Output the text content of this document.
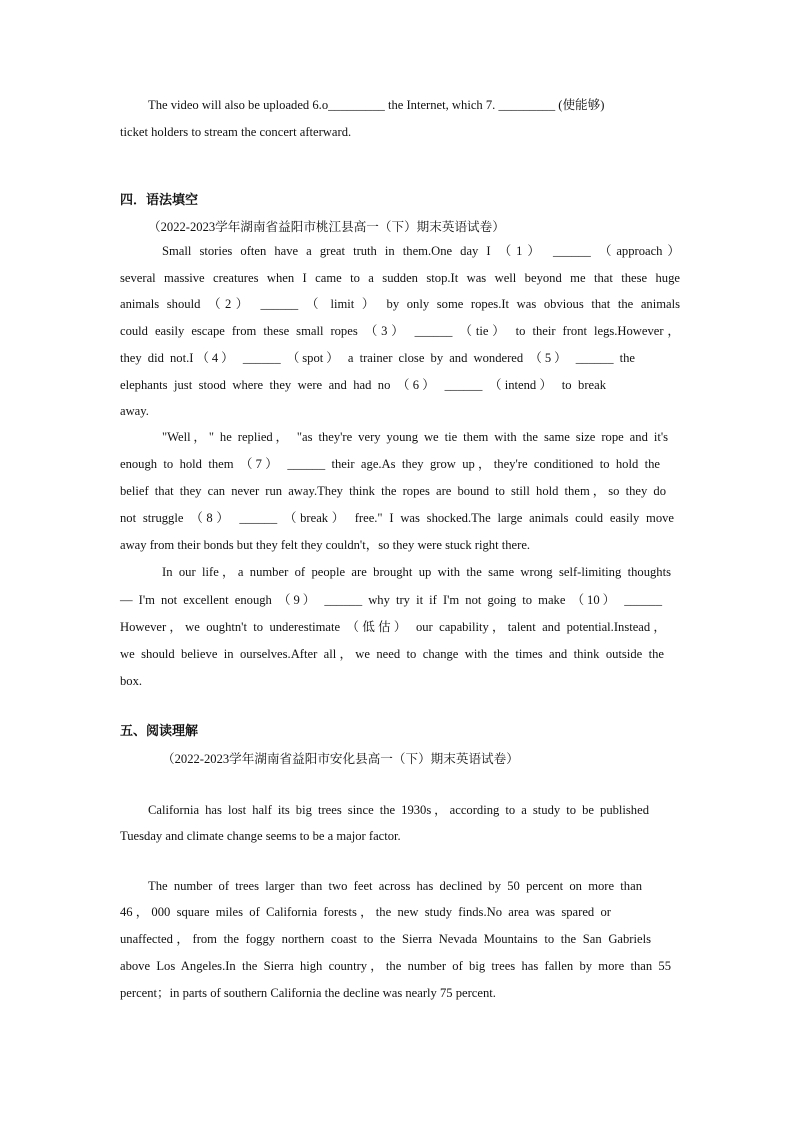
The video will also be uploaded 6.o_________ the Internet, which 7. _________ (使能够)

ticket holders to stream the concert afterward.

四．语法填空

（2022-2023学年湖南省益阳市桃江县高一（下）期末英语试卷）

Small stories often have a great truth in them.One day I （1） ______ （approach）

several massive creatures when I came to a sudden stop.It was well beyond me that these huge

animals should （2） ______ （ limit ） by only some ropes.It was obvious that the animals

could easily escape from these small ropes （3） ______ （tie） to their front legs.However，

they did not.I（4） ______ （spot） a trainer close by and wondered （5） ______ the

elephants just stood where they were and had no （6） ______ （intend） to break

away.

"Well，" he replied， "as they're very young we tie them with the same size rope and it's

enough to hold them （7） ______ their age.As they grow up，they're conditioned to hold the

belief that they can never run away.They think the ropes are bound to still hold them，so they do

not struggle （8） ______ （break） free." I was shocked.The large animals could easily move

away from their bonds but they felt they couldn't，so they were stuck right there.

In our life，a number of people are brought up with the same wrong self-limiting thoughts

— I'm not excellent enough （9） ______ why try it if I'm not going to make （10） ______

However，we oughtn't to underestimate （低估） our capability，talent and potential.Instead，

we should believe in ourselves.After all，we need to change with the times and think outside the

box.

五、阅读理解

（2022-2023学年湖南省益阳市安化县高一（下）期末英语试卷）

California has lost half its big trees since the 1930s，according to a study to be published

Tuesday and climate change seems to be a major factor.

The number of trees larger than two feet across has declined by 50 percent on more than

46，000 square miles of California forests，the new study finds.No area was spared or

unaffected，from the foggy northern coast to the Sierra Nevada Mountains to the San Gabriels

above Los Angeles.In the Sierra high country，the number of big trees has fallen by more than 55

percent；in parts of southern California the decline was nearly 75 percent.
